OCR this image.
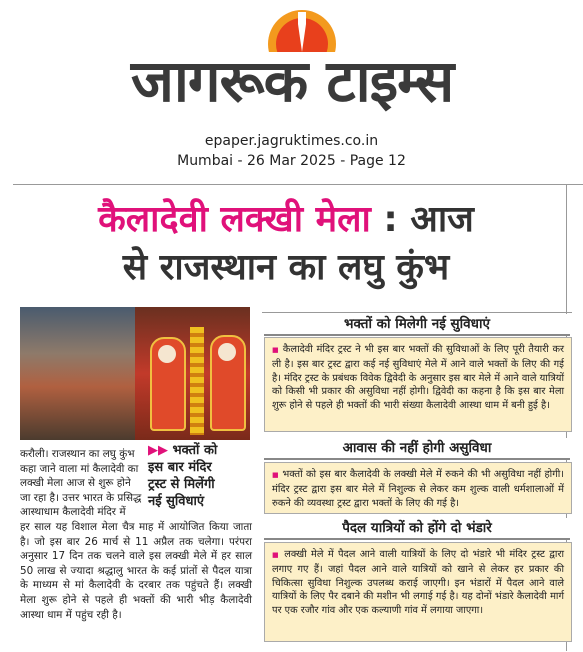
जागरूक टाइम्स
epaper.jagruktimes.co.in
Mumbai - 26 Mar 2025 - Page 12
कैलादेवी लक्खी मेला : आज
से राजस्थान का लघु कुंभ
▶▶ भक्तों को
इस बार मंदिर
ट्रस्ट से मिलेंगी
नई सुविधाएं
करौली। राजस्थान का लघु कुंभ
कहा जाने वाला मां कैलादेवी का
लक्खी मेला आज से शुरू होने
जा रहा है। उत्तर भारत के प्रसिद्ध
आस्थाधाम कैलादेवी मंदिर में
हर साल यह विशाल मेला चैत्र माह में आयोजित किया जाता है। जो इस बार 26 मार्च से 11 अप्रैल तक चलेगा। परंपरा अनुसार 17 दिन तक चलने वाले इस लक्खी मेले में हर साल 50 लाख से ज्यादा श्रद्धालु भारत के कई प्रांतों से पैदल यात्रा के माध्यम से मां कैलादेवी के दरबार तक पहुंचते हैं। लक्खी मेला शुरू होने से पहले ही भक्तों की भारी भीड़ कैलादेवी आस्था धाम में पहुंच रही है।
भक्तों को मिलेगी नई सुविधाएं

■ कैलादेवी मंदिर ट्रस्ट ने भी इस बार भक्तों की सुविधाओं के लिए पूरी तैयारी कर ली है। इस बार ट्रस्ट द्वारा कई नई सुविधाएं मेले में आने वाले भक्तों के लिए की गई है। मंदिर ट्रस्ट के प्रबंधक विवेक द्विवेदी के अनुसार इस बार मेले में आने वाले यात्रियों को किसी भी प्रकार की असुविधा नहीं होगी। द्विवेदी का कहना है कि इस बार मेला शुरू होने से पहले ही भक्तों की भारी संख्या कैलादेवी आस्था धाम में बनी हुई है।

आवास की नहीं होगी असुविधा

■ भक्तों को इस बार कैलादेवी के लक्खी मेले में रुकने की भी असुविधा नहीं होगी। मंदिर ट्रस्ट द्वारा इस बार मेले में निशुल्क से लेकर कम शुल्क वाली धर्मशालाओं में रुकने की व्यवस्था ट्रस्ट द्वारा भक्तों के लिए की गई है।

पैदल यात्रियों को होंगे दो भंडारे

■ लक्खी मेले में पैदल आने वाली यात्रियों के लिए दो भंडारे भी मंदिर ट्रस्ट द्वारा लगाए गए हैं। जहां पैदल आने वाले यात्रियों को खाने से लेकर हर प्रकार की चिकित्सा सुविधा निशुल्क उपलब्ध कराई जाएगी। इन भंडारों में पैदल आने वाले यात्रियों के लिए पैर दबाने की मशीन भी लगाई गई है। यह दोनों भंडारे कैलादेवी मार्ग पर एक रजौर गांव और एक कल्याणी गांव में लगाया जाएगा।
